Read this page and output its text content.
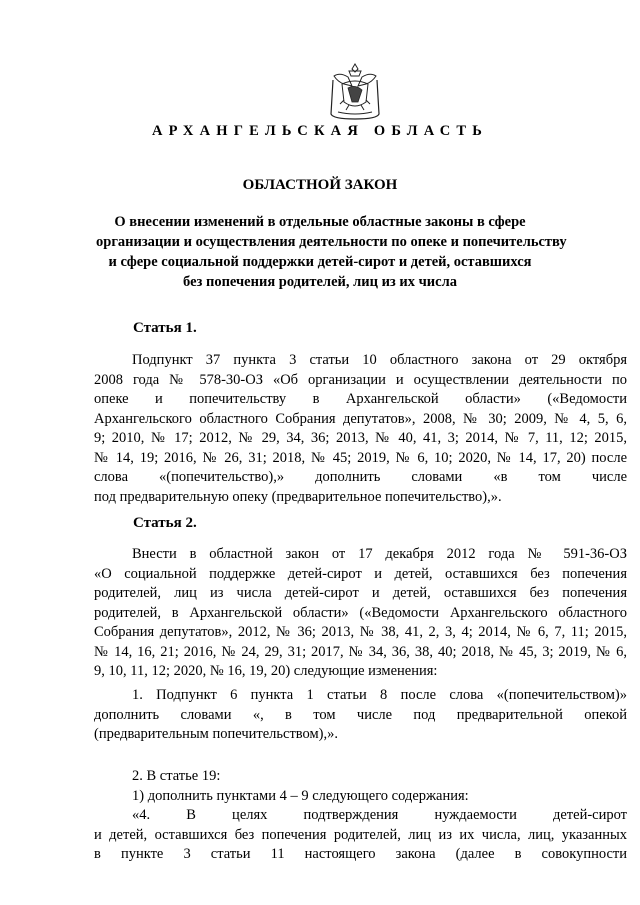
АРХАНГЕЛЬСКАЯ ОБЛАСТЬ
ОБЛАСТНОЙ ЗАКОН
О внесении изменений в отдельные областные законы в сфере
организации и осуществления деятельности по опеке и попечительству
и сфере социальной поддержки детей-сирот и детей, оставшихся
без попечения родителей, лиц из их числа
Статья 1.
Подпункт 37 пункта 3 статьи 10 областного закона от 29 октября
2008 года № 578-30-ОЗ «Об организации и осуществлении деятельности по
опеке и попечительству в Архангельской области» («Ведомости
Архангельского областного Собрания депутатов», 2008, № 30; 2009, № 4, 5, 6,
9; 2010, № 17; 2012, № 29, 34, 36; 2013, № 40, 41, 3; 2014, № 7, 11, 12; 2015,
№ 14, 19; 2016, № 26, 31; 2018, № 45; 2019, № 6, 10; 2020, № 14, 17, 20) после
слова «(попечительство),» дополнить словами «в том числе
под предварительную опеку (предварительное попечительство),».
Статья 2.
Внести в областной закон от 17 декабря 2012 года № 591-36-ОЗ
«О социальной поддержке детей-сирот и детей, оставшихся без попечения
родителей, лиц из числа детей-сирот и детей, оставшихся без попечения
родителей, в Архангельской области» («Ведомости Архангельского областного
Собрания депутатов», 2012, № 36; 2013, № 38, 41, 2, 3, 4; 2014, № 6, 7, 11; 2015,
№ 14, 16, 21; 2016, № 24, 29, 31; 2017, № 34, 36, 38, 40; 2018, № 45, 3; 2019, № 6,
9, 10, 11, 12; 2020, № 16, 19, 20) следующие изменения:
1. Подпункт 6 пункта 1 статьи 8 после слова «(попечительством)»
дополнить словами «, в том числе под предварительной опекой
(предварительным попечительством),».
2. В статье 19:
1) дополнить пунктами 4 – 9 следующего содержания:
«4. В целях подтверждения нуждаемости детей-сирот
и детей, оставшихся без попечения родителей, лиц из их числа, лиц, указанных
в пункте 3 статьи 11 настоящего закона (далее в совокупности
